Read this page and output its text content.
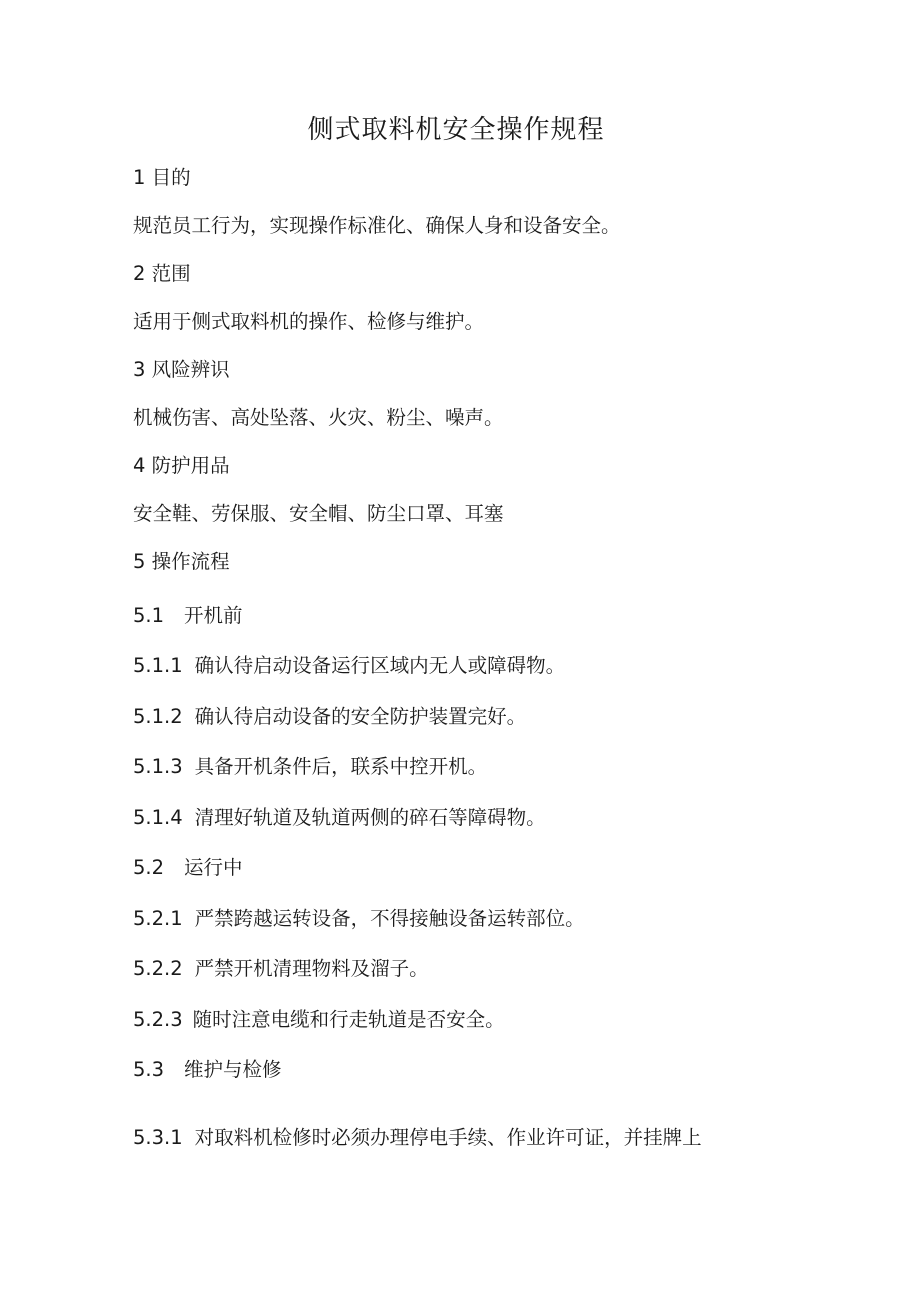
侧式取料机安全操作规程
1 目的
规范员工行为，实现操作标准化、确保人身和设备安全。
2 范围
适用于侧式取料机的操作、检修与维护。
3 风险辨识
机械伤害、高处坠落、火灾、粉尘、噪声。
4 防护用品
安全鞋、劳保服、安全帽、防尘口罩、耳塞
5 操作流程
5.1 开机前
5.1.1 确认待启动设备运行区域内无人或障碍物。
5.1.2 确认待启动设备的安全防护装置完好。
5.1.3 具备开机条件后，联系中控开机。
5.1.4 清理好轨道及轨道两侧的碎石等障碍物。
5.2 运行中
5.2.1 严禁跨越运转设备，不得接触设备运转部位。
5.2.2 严禁开机清理物料及溜子。
5.2.3 随时注意电缆和行走轨道是否安全。
5.3 维护与检修
5.3.1 对取料机检修时必须办理停电手续、作业许可证，并挂牌上
